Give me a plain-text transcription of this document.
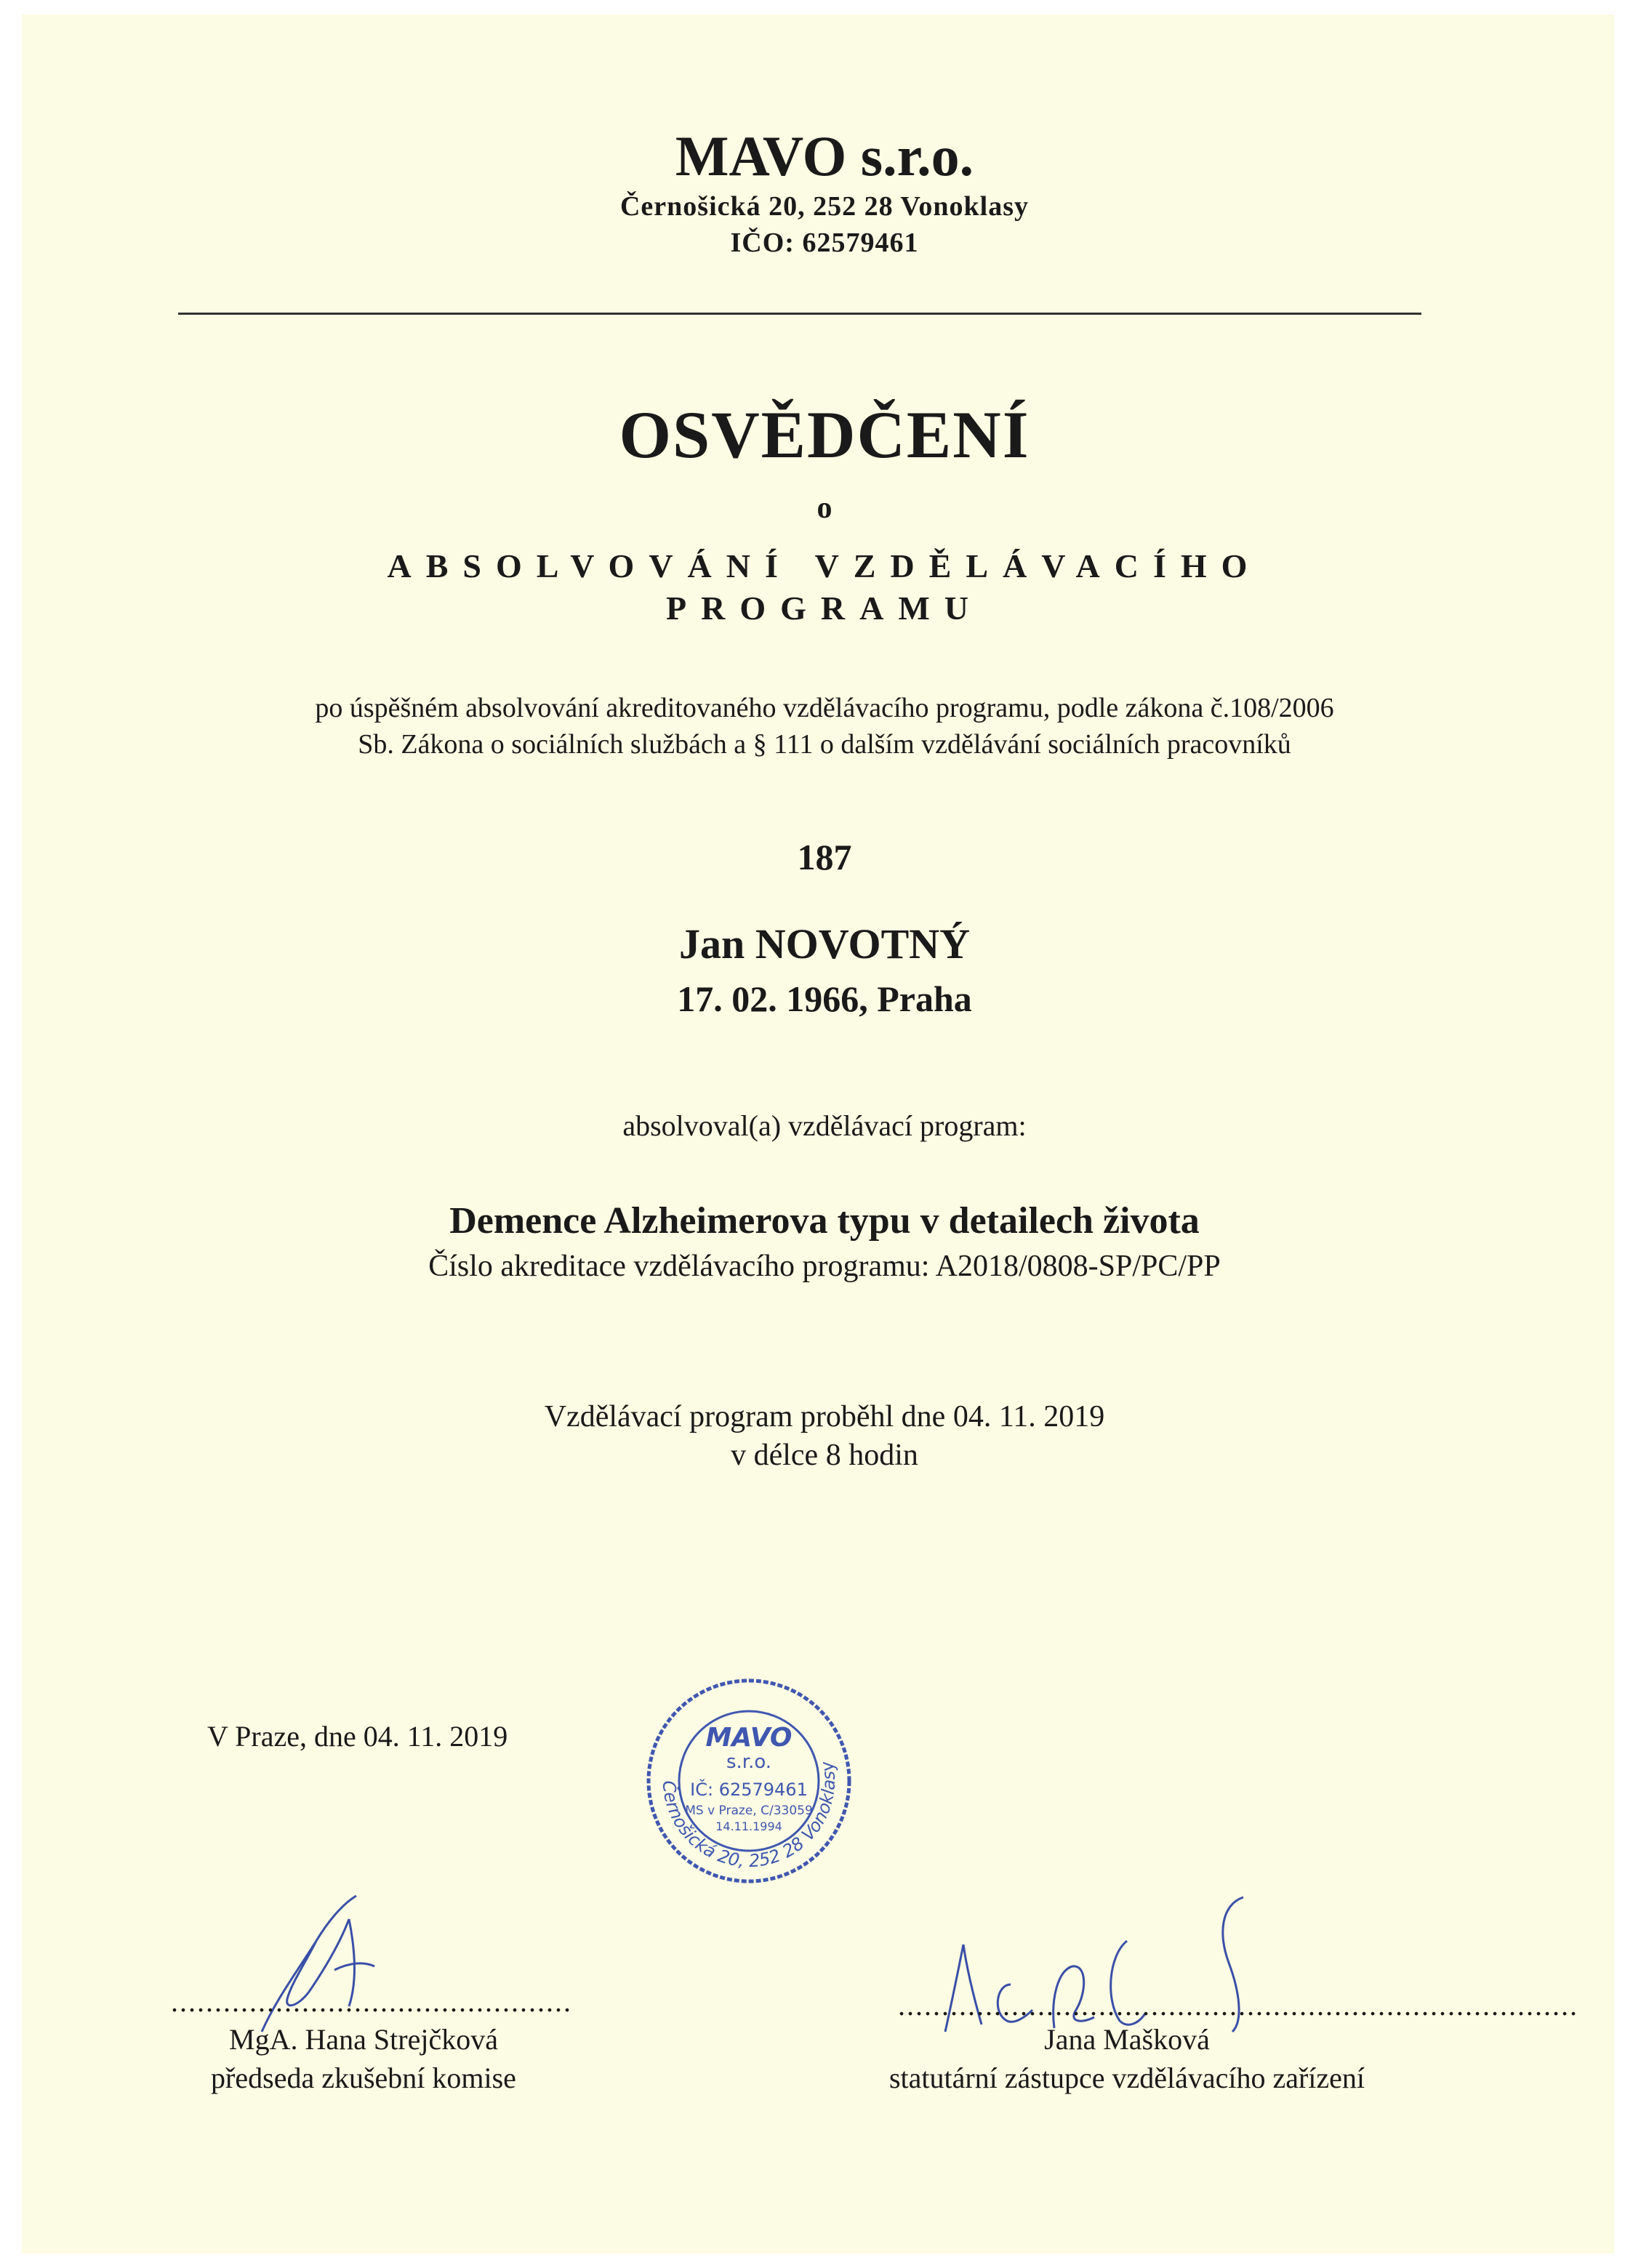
MAVO s.r.o.
Černošická 20, 252 28 Vonoklasy
IČO: 62579461
OSVĚDČENÍ
o
ABSOLVOVÁNÍ VZDĚLÁVACÍHO
PROGRAMU
po úspěšném absolvování akreditovaného vzdělávacího programu, podle zákona č.108/2006
Sb. Zákona o sociálních službách a § 111 o dalším vzdělávání sociálních pracovníků
187
Jan NOVOTNÝ
17. 02. 1966, Praha
absolvoval(a) vzdělávací program:
Demence Alzheimerova typu v detailech života
Číslo akreditace vzdělávacího programu: A2018/0808-SP/PC/PP
Vzdělávací program proběhl dne 04. 11. 2019
v délce 8 hodin
V Praze, dne 04. 11. 2019
Černošická 20, 252 28 Vonoklasy
MAVO
s.r.o.
IČ: 62579461
MS v Praze, C/33059
14.11.1994
..............................................	..............................................................................
MgA. Hana Strejčková
předseda zkušební komise
Jana Mašková
statutární zástupce vzdělávacího zařízení
